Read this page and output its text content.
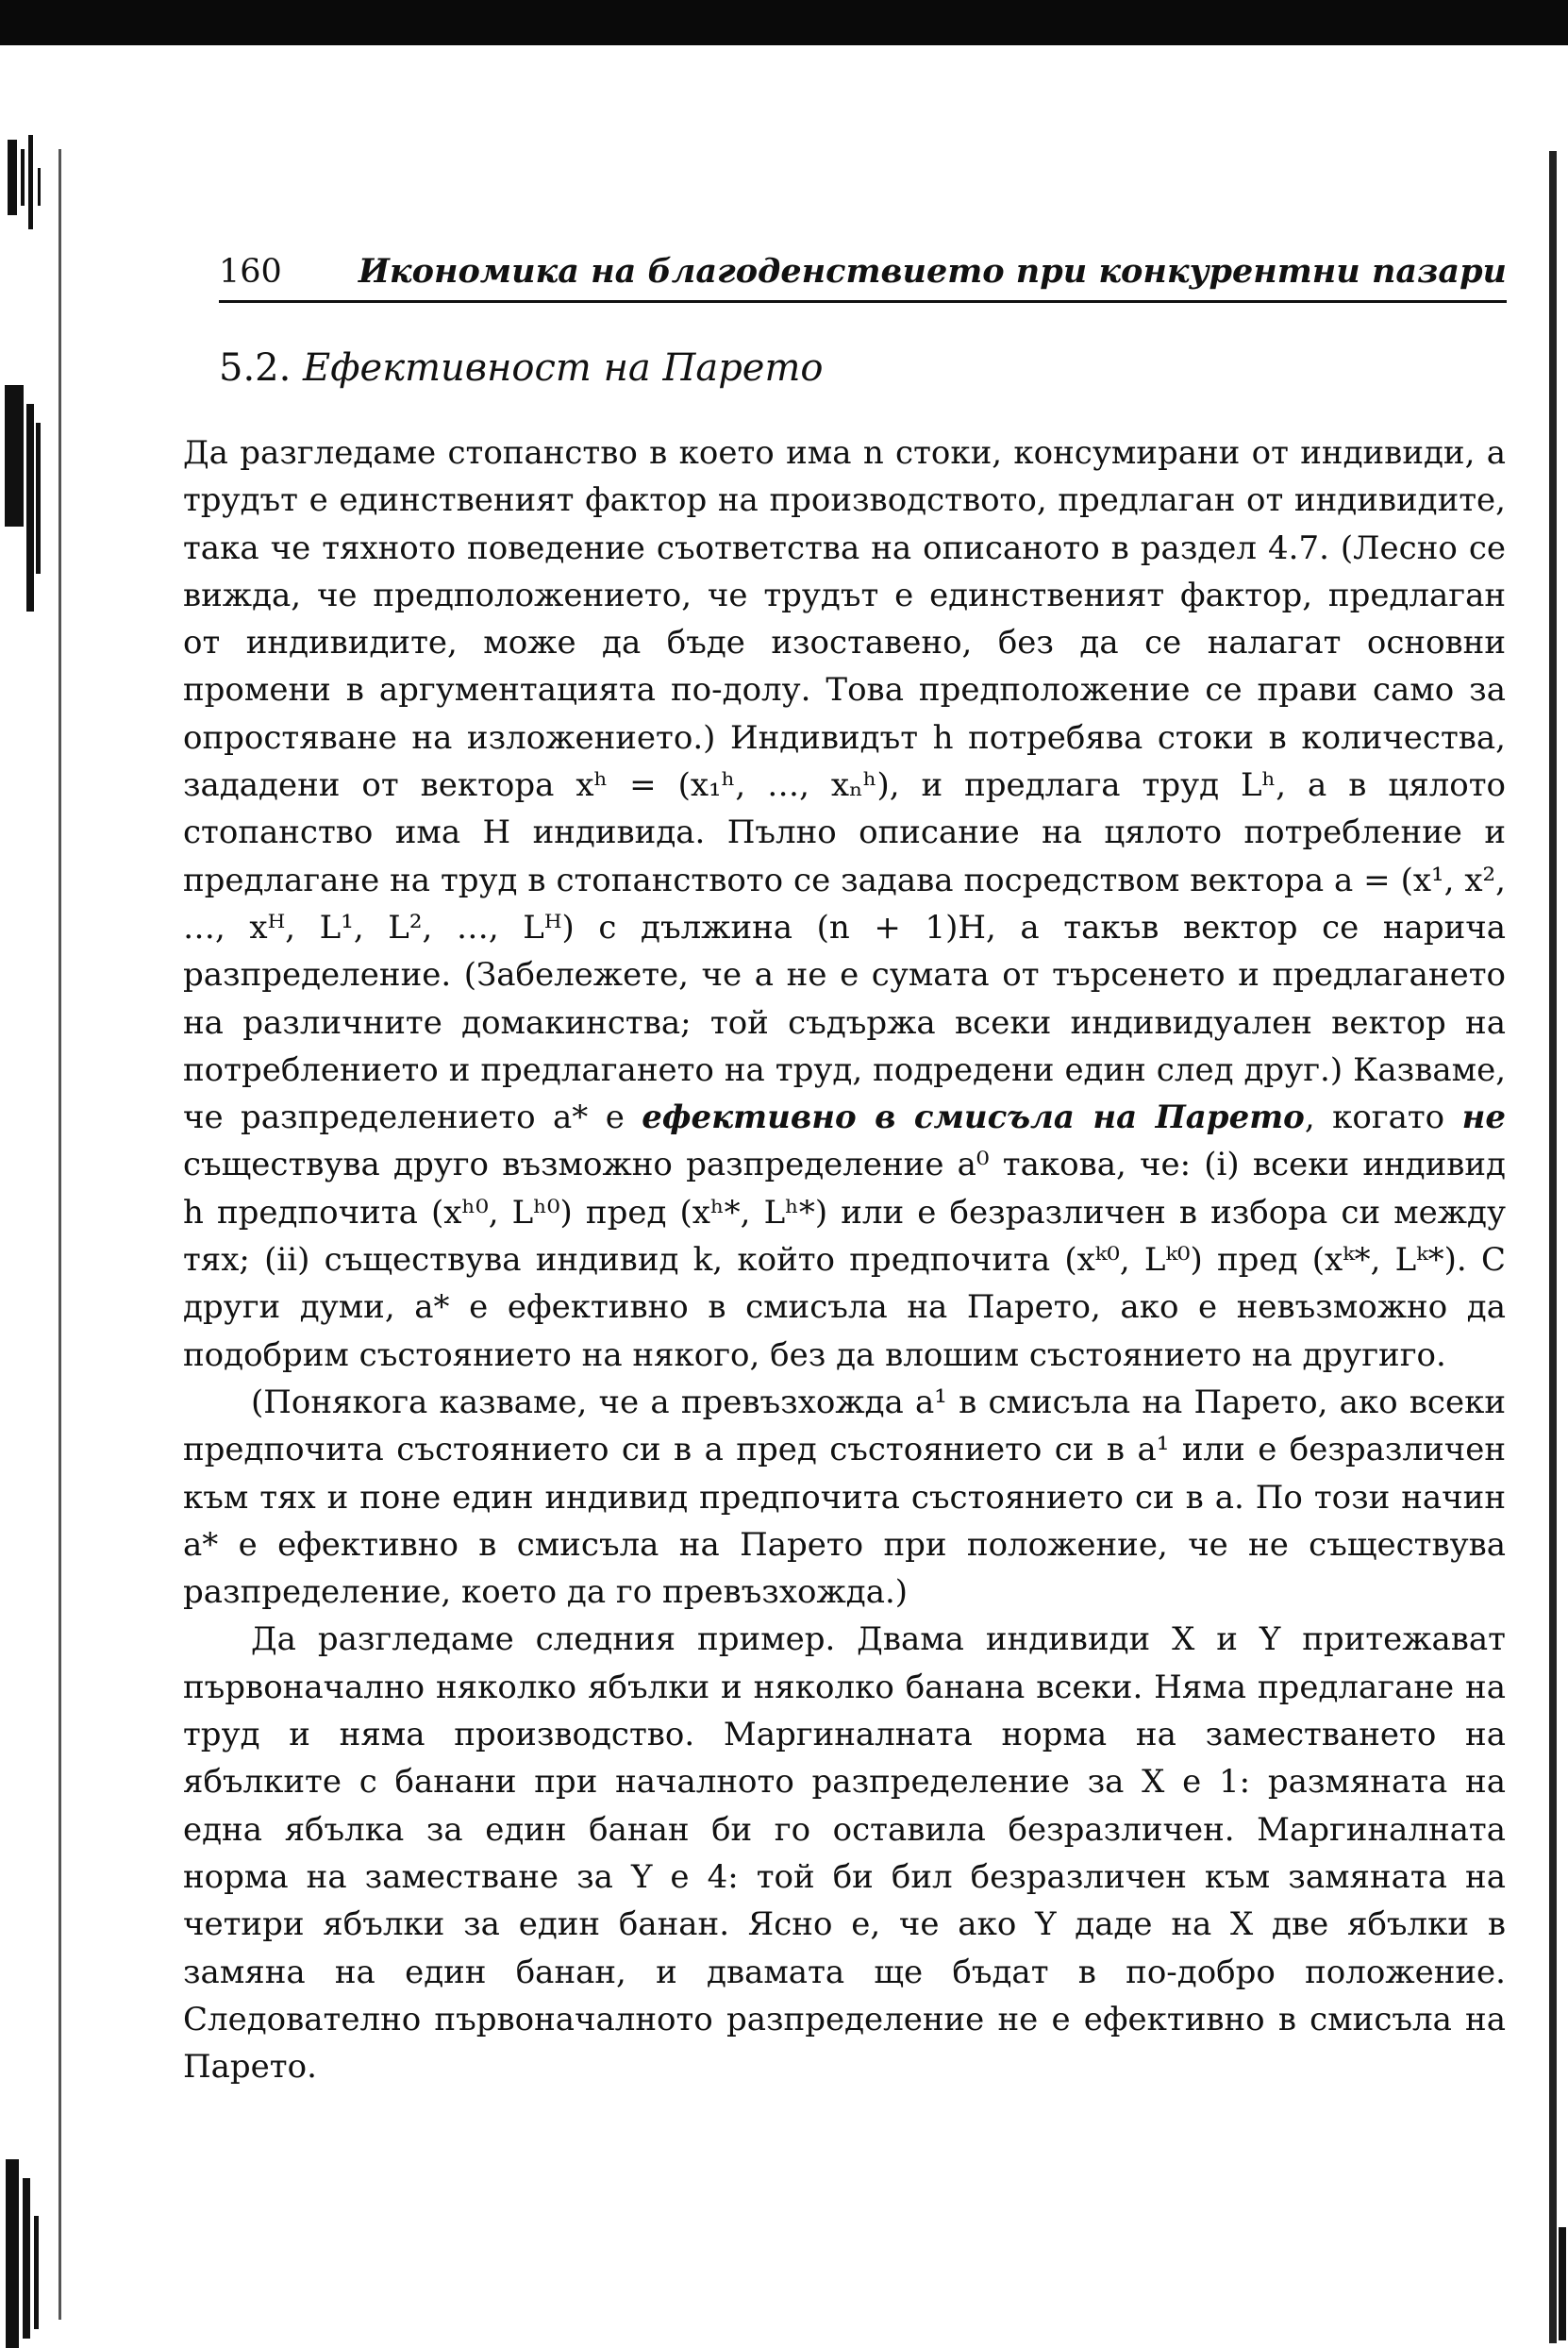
160 Икономика на благоденствието при конкурентни пазари
5.2. Ефективност на Парето

Да разгледаме стопанство в което има n стоки, консумирани от индивиди, а трудът е единственият фактор на производството, предлаган от индивидите, така че тяхното поведение съответства на описаното в раздел 4.7. (Лесно се вижда, че предположението, че трудът е единственият фактор, предлаган от индивидите, може да бъде изоставено, без да се налагат основни промени в аргументацията по-долу. Това предположение се прави само за опростяване на изложението.) Индивидът h потребява стоки в количества, зададени от вектора xʰ = (x₁ʰ, …, xₙʰ), и предлага труд Lʰ, а в цялото стопанство има H индивида. Пълно описание на цялото потребление и предлагане на труд в стопанството се задава посредством вектора a = (x¹, x², …, xᴴ, L¹, L², …, Lᴴ) с дължина (n + 1)H, а такъв вектор се нарича разпределение. (Забележете, че a не е сумата от търсенето и предлагането на различните домакинства; той съдържа всеки индивидуален вектор на потреблението и предлагането на труд, подредени един след друг.) Казваме, че разпределението a* е ефективно в смисъла на Парето, когато не съществува друго възможно разпределение a⁰ такова, че: (i) всеки индивид h предпочита (xʰ⁰, Lʰ⁰) пред (xʰ*, Lʰ*) или е безразличен в избора си между тях; (ii) съществува индивид k, който предпочита (xᵏ⁰, Lᵏ⁰) пред (xᵏ*, Lᵏ*). С други думи, a* е ефективно в смисъла на Парето, ако е невъзможно да подобрим състоянието на някого, без да влошим състоянието на другиго.

(Понякога казваме, че a превъзхожда a¹ в смисъла на Парето, ако всеки предпочита състоянието си в a пред състоянието си в a¹ или е безразличен към тях и поне един индивид предпочита състоянието си в a. По този начин a* е ефективно в смисъла на Парето при положение, че не съществува разпределение, което да го превъзхожда.)

Да разгледаме следния пример. Двама индивиди X и Y притежават първоначално няколко ябълки и няколко банана всеки. Няма предлагане на труд и няма производство. Маргиналната норма на заместването на ябълките с банани при началното разпределение за X е 1: размяната на една ябълка за един банан би го оставила безразличен. Маргиналната норма на заместване за Y е 4: той би бил безразличен към замяната на четири ябълки за един банан. Ясно е, че ако Y даде на X две ябълки в замяна на един банан, и двамата ще бъдат в по-добро положение. Следователно първоначалното разпределение не е ефективно в смисъла на Парето.
